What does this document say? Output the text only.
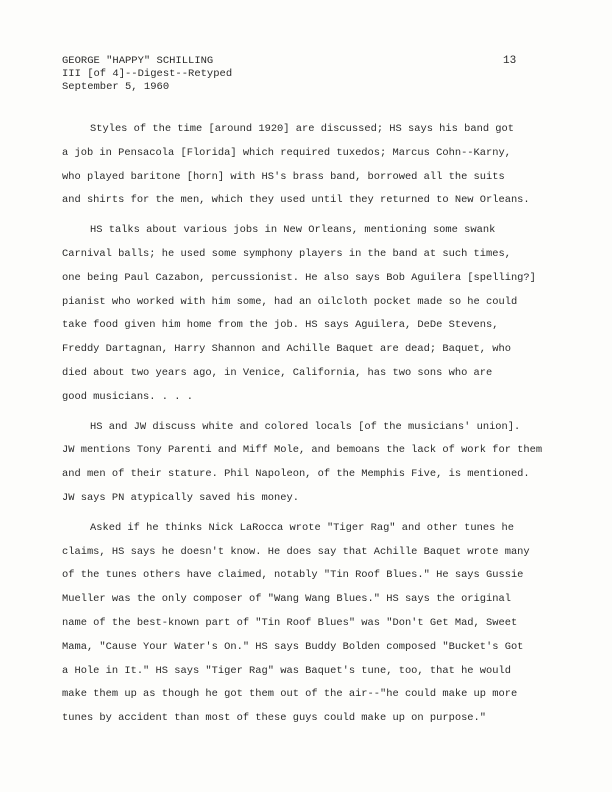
GEORGE "HAPPY" SCHILLING
III [of 4]--Digest--Retyped
September 5, 1960
13

Styles of the time [around 1920] are discussed; HS says his band got
a job in Pensacola [Florida] which required tuxedos; Marcus Cohn--Karny,
who played baritone [horn] with HS's brass band, borrowed all the suits
and shirts for the men, which they used until they returned to New Orleans.

HS talks about various jobs in New Orleans, mentioning some swank
Carnival balls; he used some symphony players in the band at such times,
one being Paul Cazabon, percussionist. He also says Bob Aguilera [spelling?]
pianist who worked with him some, had an oilcloth pocket made so he could
take food given him home from the job. HS says Aguilera, DeDe Stevens,
Freddy Dartagnan, Harry Shannon and Achille Baquet are dead; Baquet, who
died about two years ago, in Venice, California, has two sons who are
good musicians. . . .

HS and JW discuss white and colored locals [of the musicians' union].
JW mentions Tony Parenti and Miff Mole, and bemoans the lack of work for them
and men of their stature. Phil Napoleon, of the Memphis Five, is mentioned.
JW says PN atypically saved his money.

Asked if he thinks Nick LaRocca wrote "Tiger Rag" and other tunes he
claims, HS says he doesn't know. He does say that Achille Baquet wrote many
of the tunes others have claimed, notably "Tin Roof Blues." He says Gussie
Mueller was the only composer of "Wang Wang Blues." HS says the original
name of the best-known part of "Tin Roof Blues" was "Don't Get Mad, Sweet
Mama, "Cause Your Water's On." HS says Buddy Bolden composed "Bucket's Got
a Hole in It." HS says "Tiger Rag" was Baquet's tune, too, that he would
make them up as though he got them out of the air--"he could make up more
tunes by accident than most of these guys could make up on purpose."
